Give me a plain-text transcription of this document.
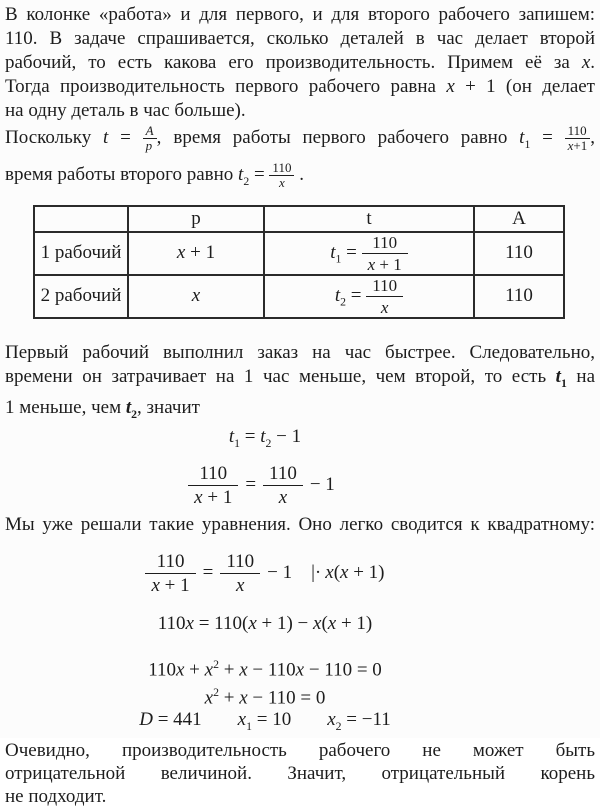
В колонке «работа» и для первого, и для второго рабочего запишем:
110. В задаче спрашивается, сколько деталей в час делает второй
рабочий, то есть какова его производительность. Примем её за x.
Тогда производительность первого рабочего равна x + 1 (он делает
на одну деталь в час больше).
Поскольку $t = \frac{A}{p}$ , время работы первого рабочего равно $t_1 = \frac{110}{x+1}$ ,
время работы второго равно $t_2 = \frac{110}{x}$ .
	p	t	A
1 рабочий	x + 1	$t_1 = \frac{110}{x + 1}$	110
2 рабочий	x	$t_2 = \frac{110}{x}$	110
Первый рабочий выполнил заказ на час быстрее. Следовательно,
времени он затрачивает на 1 час меньше, чем второй, то есть $t_1$ на
1 меньше, чем $t_2$, значит
$t_1 = t_2 - 1$
$\frac{110}{x + 1} = \frac{110}{x} - 1$
Мы уже решали такие уравнения. Оно легко сводится к квадратному:
$\frac{110}{x + 1} = \frac{110}{x} - 1$ |· x(x + 1)
110x = 110(x + 1) − x(x + 1)
$110x + x^2 + x - 110x - 110 = 0$
$x^2 + x - 110 = 0$
D = 441 $x_1 = 10$ $x_2 = -11$
Очевидно, производительность рабочего не может быть
отрицательной величиной. Значит, отрицательный корень
не подходит.
